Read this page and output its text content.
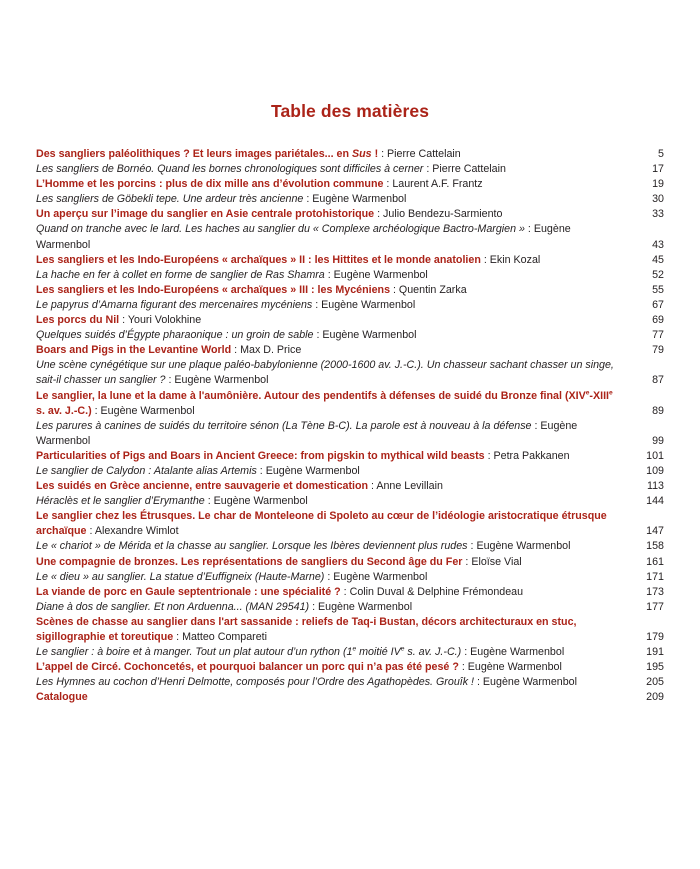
Table des matières
Des sangliers paléolithiques ? Et leurs images pariétales... en Sus ! : Pierre Cattelain	5
Les sangliers de Bornéo. Quand les bornes chronologiques sont difficiles à cerner : Pierre Cattelain	17
L’Homme et les porcins : plus de dix mille ans d’évolution commune : Laurent A.F. Frantz	19
Les sangliers de Göbekli tepe. Une ardeur très ancienne : Eugène Warmenbol	30
Un aperçu sur l’image du sanglier en Asie centrale protohistorique : Julio Bendezu-Sarmiento	33
Quand on tranche avec le lard. Les haches au sanglier du « Complexe archéologique Bactro-Margien » : Eugène Warmenbol	43
Les sangliers et les Indo-Européens « archaïques » II : les Hittites et le monde anatolien : Ekin Kozal	45
La hache en fer à collet en forme de sanglier de Ras Shamra : Eugène Warmenbol	52
Les sangliers et les Indo-Européens « archaïques » III : les Mycéniens : Quentin Zarka	55
Le papyrus d’Amarna figurant des mercenaires mycéniens : Eugène Warmenbol	67
Les porcs du Nil : Youri Volokhine	69
Quelques suidés d’Égypte pharaonique : un groin de sable : Eugène Warmenbol	77
Boars and Pigs in the Levantine World : Max D. Price	79
Une scène cynégétique sur une plaque paléo-babylonienne (2000-1600 av. J.-C.). Un chasseur sachant chasser un singe, sait-il chasser un sanglier ? : Eugène Warmenbol	87
Le sanglier, la lune et la dame à l'aumônière. Autour des pendentifs à défenses de suidé du Bronze final (XIVe-XIIIe s. av. J.-C.) : Eugène Warmenbol	89
Les parures à canines de suidés du territoire sénon (La Tène B-C). La parole est à nouveau à la défense : Eugène Warmenbol	99
Particularities of Pigs and Boars in Ancient Greece: from pigskin to mythical wild beasts : Petra Pakkanen	101
Le sanglier de Calydon : Atalante alias Artemis : Eugène Warmenbol	109
Les suidés en Grèce ancienne, entre sauvagerie et domestication : Anne Levillain	113
Héraclès et le sanglier d’Erymanthe : Eugène Warmenbol	144
Le sanglier chez les Étrusques. Le char de Monteleone di Spoleto au cœur de l’idéologie aristocratique étrusque archaïque : Alexandre Wimlot	147
Le « chariot » de Mérida et la chasse au sanglier. Lorsque les Ibères deviennent plus rudes : Eugène Warmenbol	158
Une compagnie de bronzes. Les représentations de sangliers du Second âge du Fer : Eloïse Vial	161
Le « dieu » au sanglier. La statue d’Euffigneix (Haute-Marne) : Eugène Warmenbol	171
La viande de porc en Gaule septentrionale : une spécialité ? : Colin Duval & Delphine Frémondeau	173
Diane à dos de sanglier. Et non Arduenna... (MAN 29541) : Eugène Warmenbol	177
Scènes de chasse au sanglier dans l'art sassanide : reliefs de Taq-i Bustan, décors architecturaux en stuc, sigillographie et toreutique : Matteo Compareti	179
Le sanglier : à boire et à manger. Tout un plat autour d’un rython (1e moitié IVe s. av. J.-C.) : Eugène Warmenbol	191
L’appel de Circé. Cochoncetés, et pourquoi balancer un porc qui n’a pas été pesé ? : Eugène Warmenbol	195
Les Hymnes au cochon d’Henri Delmotte, composés pour l’Ordre des Agathopèdes. Grouîk ! : Eugène Warmenbol	205
Catalogue	209
